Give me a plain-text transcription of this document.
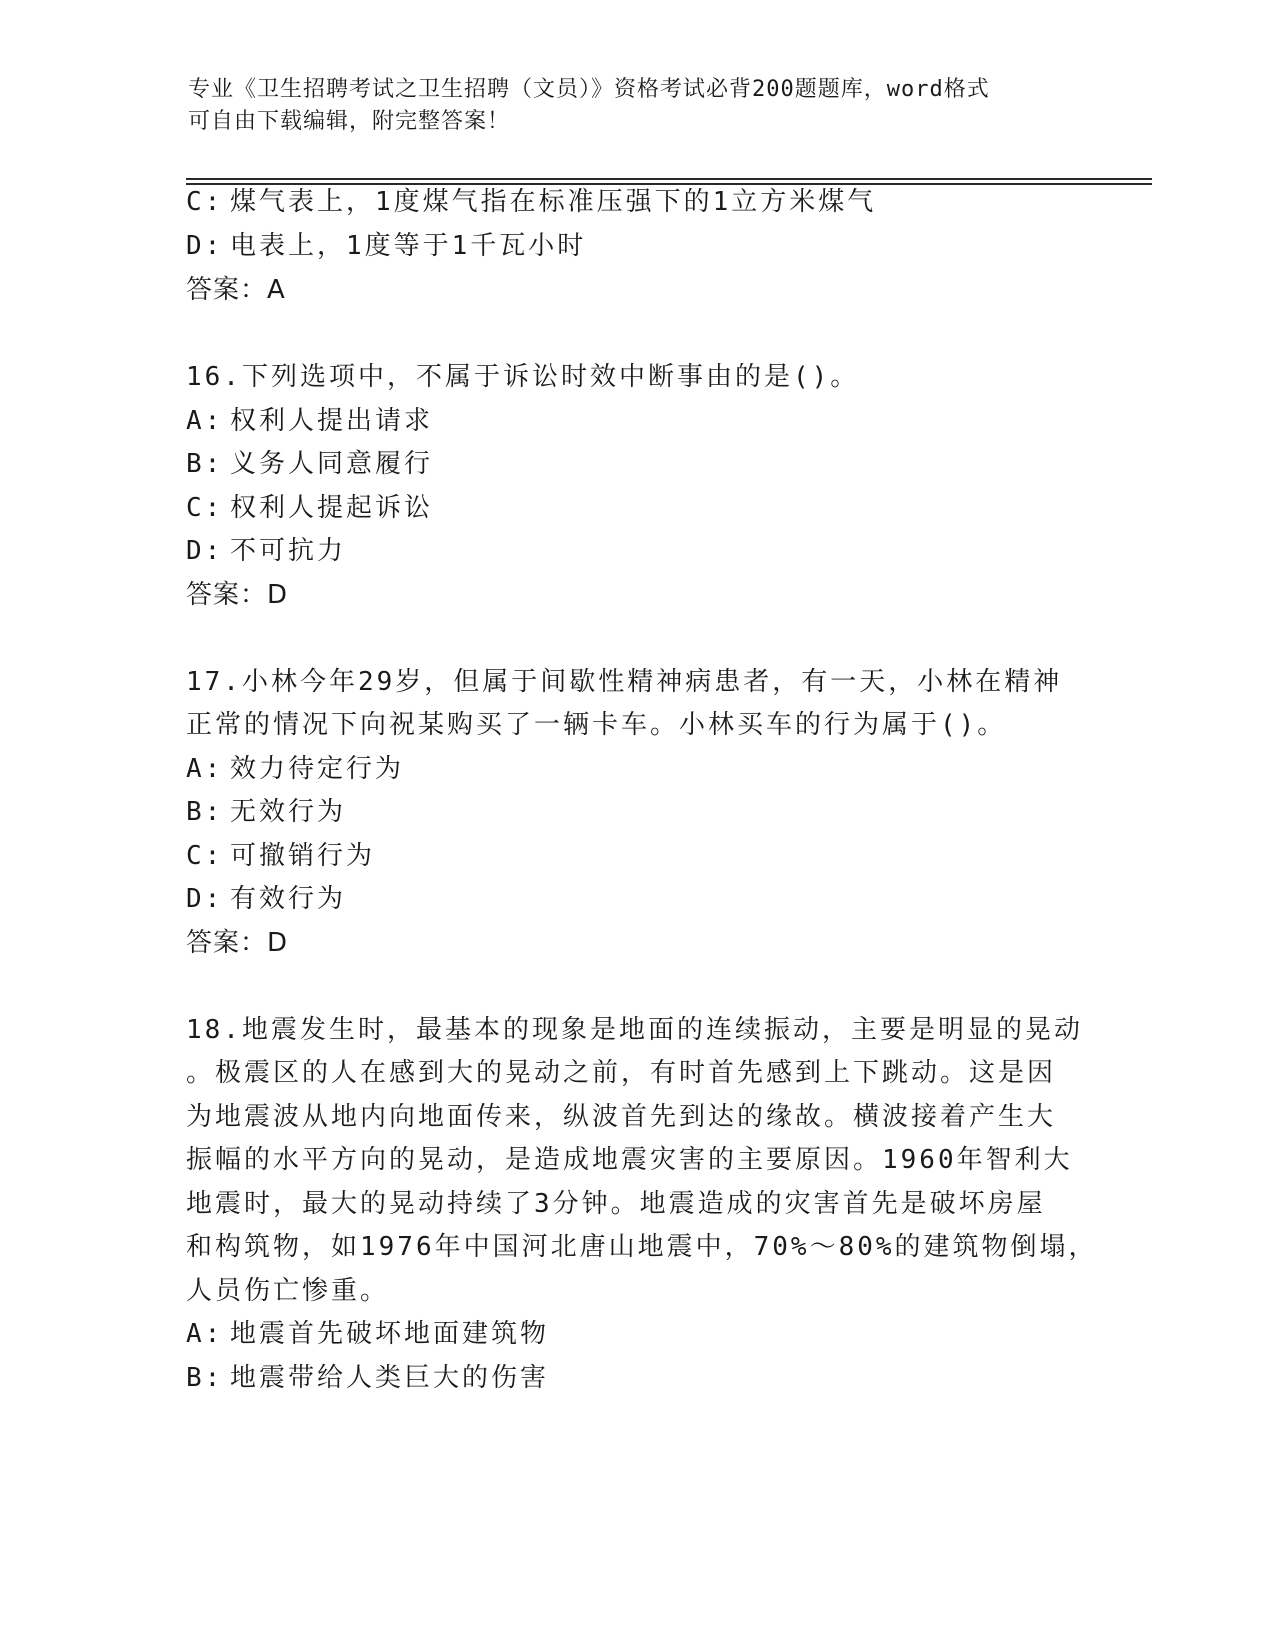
专业《卫生招聘考试之卫生招聘（文员）》资格考试必背200题题库，word格式
可自由下载编辑，附完整答案！
C: 煤气表上，1度煤气指在标准压强下的1立方米煤气
D: 电表上，1度等于1千瓦小时
答案：A
16.下列选项中，不属于诉讼时效中断事由的是()。
A: 权利人提出请求
B: 义务人同意履行
C: 权利人提起诉讼
D: 不可抗力
答案：D
17.小林今年29岁，但属于间歇性精神病患者，有一天，小林在精神
正常的情况下向祝某购买了一辆卡车。小林买车的行为属于()。
A: 效力待定行为
B: 无效行为
C: 可撤销行为
D: 有效行为
答案：D
18.地震发生时，最基本的现象是地面的连续振动，主要是明显的晃动
。极震区的人在感到大的晃动之前，有时首先感到上下跳动。这是因
为地震波从地内向地面传来，纵波首先到达的缘故。横波接着产生大
振幅的水平方向的晃动，是造成地震灾害的主要原因。1960年智利大
地震时，最大的晃动持续了3分钟。地震造成的灾害首先是破坏房屋
和构筑物，如1976年中国河北唐山地震中，70%～80%的建筑物倒塌，
人员伤亡惨重。
A: 地震首先破坏地面建筑物
B: 地震带给人类巨大的伤害
